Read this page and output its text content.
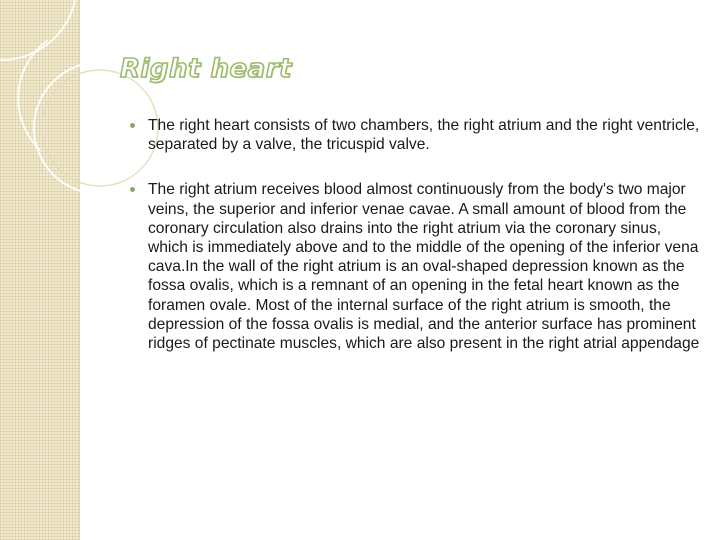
Right heart
The right heart consists of two chambers, the right atrium and the right ventricle, separated by a valve, the tricuspid valve.
The right atrium receives blood almost continuously from the body's two major veins, the superior and inferior venae cavae. A small amount of blood from the coronary circulation also drains into the right atrium via the coronary sinus, which is immediately above and to the middle of the opening of the inferior vena cava.In the wall of the right atrium is an oval-shaped depression known as the fossa ovalis, which is a remnant of an opening in the fetal heart known as the foramen ovale. Most of the internal surface of the right atrium is smooth, the depression of the fossa ovalis is medial, and the anterior surface has prominent ridges of pectinate muscles, which are also present in the right atrial appendage
